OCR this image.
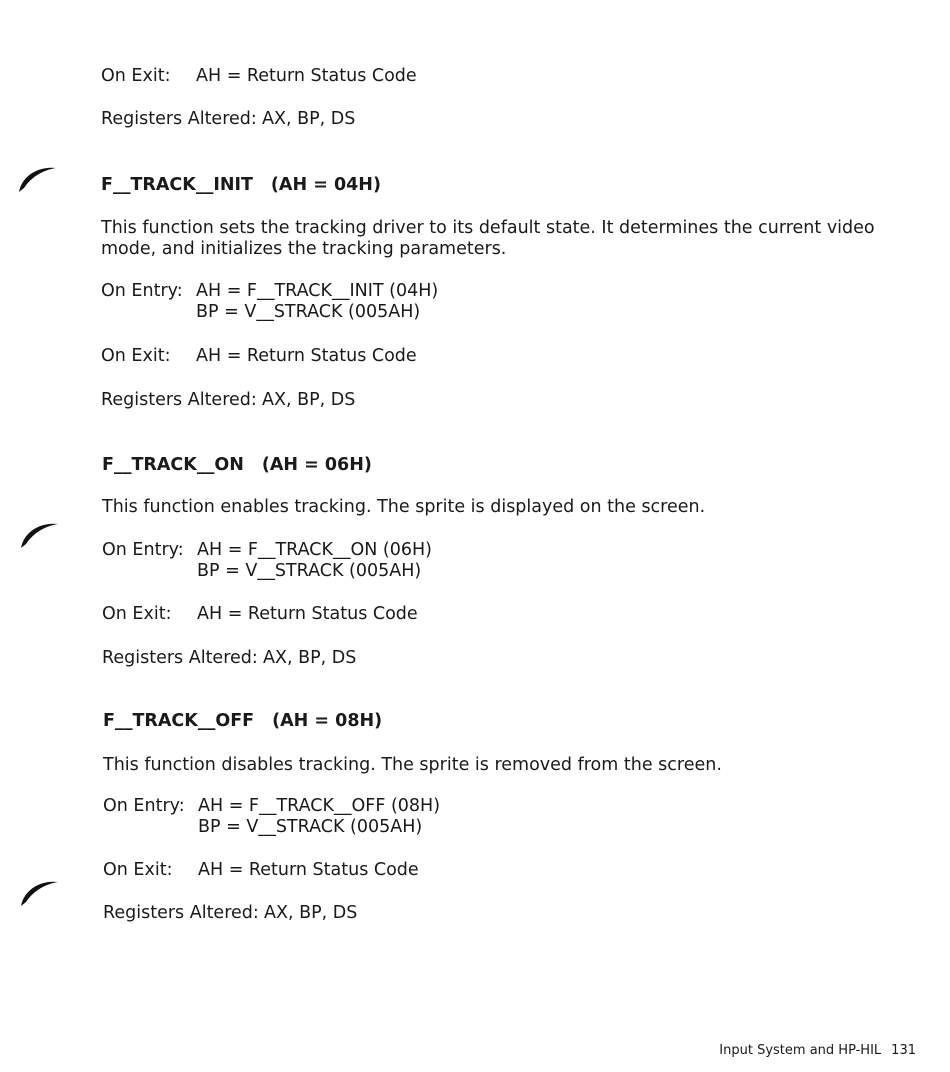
On Exit: AH = Return Status Code
Registers Altered: AX, BP, DS
F__TRACK__INIT (AH = 04H)
This function sets the tracking driver to its default state. It determines the current video mode, and initializes the tracking parameters.
On Entry: AH = F__TRACK__INIT (04H)
BP = V__STRACK (005AH)
On Exit: AH = Return Status Code
Registers Altered: AX, BP, DS
F__TRACK__ON (AH = 06H)
This function enables tracking. The sprite is displayed on the screen.
On Entry: AH = F__TRACK__ON (06H)
BP = V__STRACK (005AH)
On Exit: AH = Return Status Code
Registers Altered: AX, BP, DS
F__TRACK__OFF (AH = 08H)
This function disables tracking. The sprite is removed from the screen.
On Entry: AH = F__TRACK__OFF (08H)
BP = V__STRACK (005AH)
On Exit: AH = Return Status Code
Registers Altered: AX, BP, DS
Input System and HP-HIL 131
